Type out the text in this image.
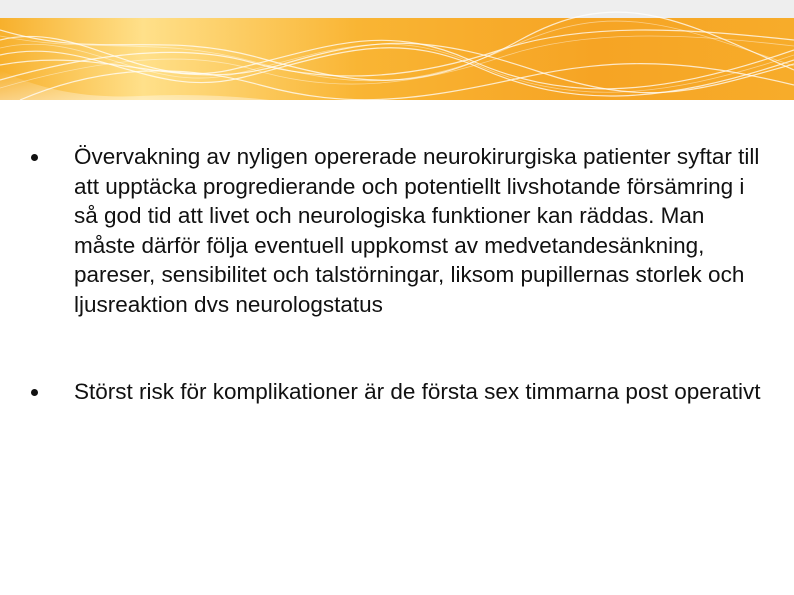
Övervakning av nyligen opererade neurokirurgiska patienter syftar till att upptäcka progredierande och potentiellt livshotande försämring i så god tid att livet och neurologiska funktioner kan räddas. Man måste därför följa eventuell uppkomst av medvetandesänkning, pareser, sensibilitet och talstörningar, liksom pupillernas storlek och ljusreaktion dvs neurologstatus
Störst risk för komplikationer är de första sex timmarna post operativt
